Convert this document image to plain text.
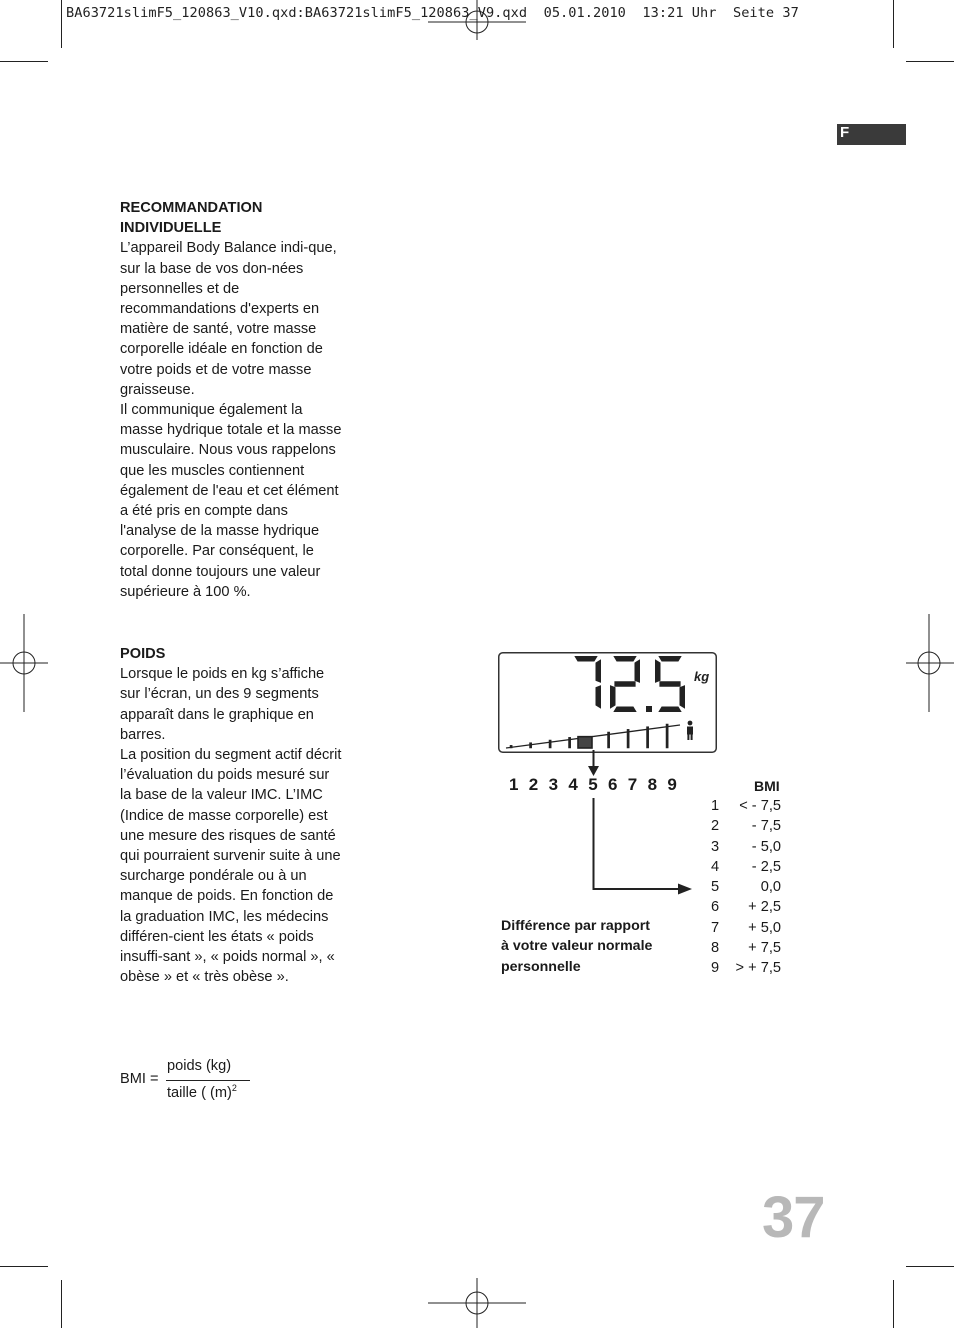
BA63721slimF5_120863_V10.qxd:BA63721slimF5_120863_V9.qxd  05.01.2010  13:21 Uhr  Seite 37
F
RECOMMANDATION
INDIVIDUELLE
L’appareil Body Balance indi-que, sur la base de vos don-nées personnelles et de recommandations d'experts en matière de santé, votre masse corporelle idéale en fonction de votre poids et de votre masse graisseuse.
Il communique également la masse hydrique totale et la masse musculaire. Nous vous rappelons que les muscles contiennent également de l'eau et cet élément a été pris en compte dans l'analyse de la masse hydrique corporelle. Par conséquent, le total donne toujours une valeur supérieure à 100 %.
POIDS
Lorsque le poids en kg s’affiche sur l’écran, un des 9 segments apparaît dans le graphique en barres.
La position du segment actif décrit l’évaluation du poids mesuré sur la base de la valeur IMC. L’IMC (Indice de masse corporelle) est une mesure des risques de santé qui pourraient survenir suite à une surcharge pondérale ou à un manque de poids. En fonction de la graduation IMC, les médecins différen-cient les états « poids insuffi-sant », « poids normal », « obèse » et « très obèse ».
BMI =
poids (kg)
taille ( $(m)^2$
kg
1 2 3 4 5 6 7 8 9	BMI
1 < - 7,5
2 - 7,5
3 - 5,0
4 - 2,5
5	0,0
6 + 2,5
7 + 5,0
8 + 7,5
9 > + 7,5
Différence par rapport
à votre valeur normale
personnelle
37
